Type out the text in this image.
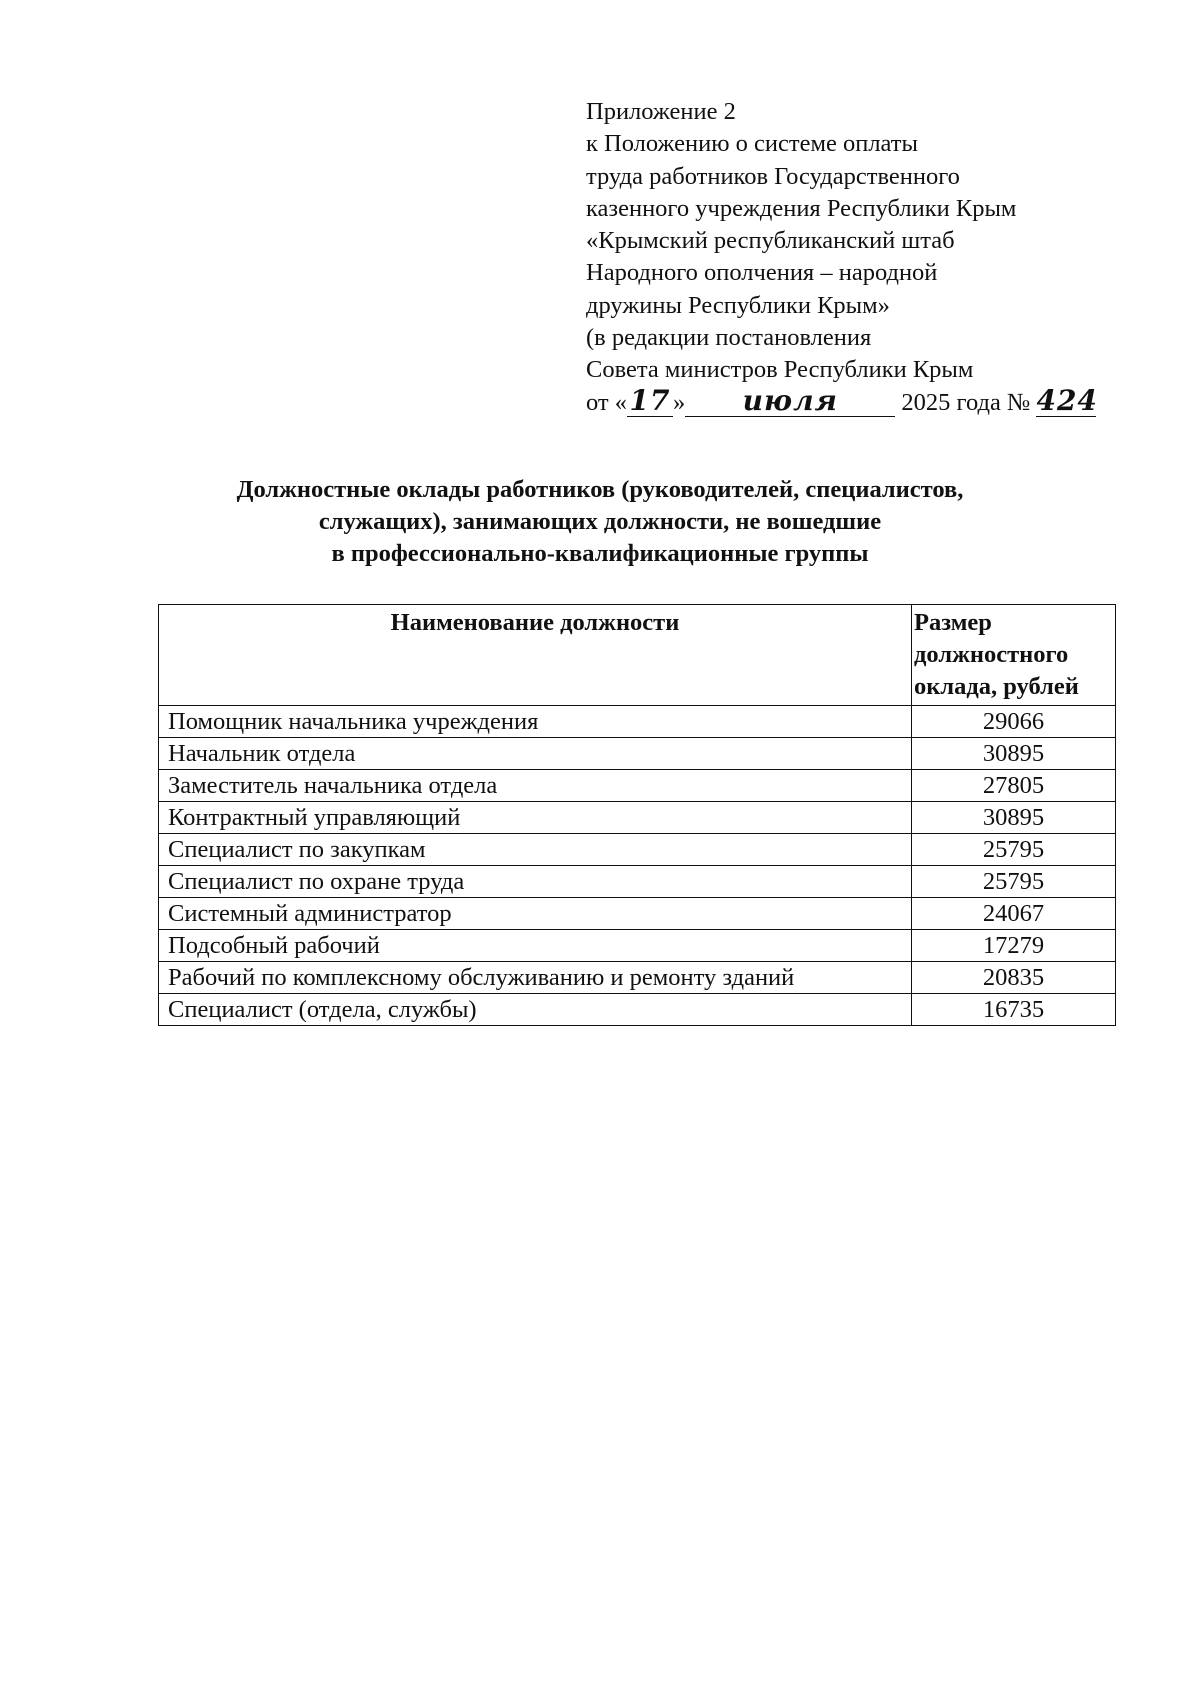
Приложение 2
к Положению о системе оплаты
труда работников Государственного
казенного учреждения Республики Крым
«Крымский республиканский штаб
Народного ополчения – народной
дружины Республики Крым»
(в редакции постановления
Совета министров Республики Крым
от «17 » июля	2025 года № 424
Должностные оклады работников (руководителей, специалистов,
служащих), занимающих должности, не вошедшие
в профессионально-квалификационные группы
Наименование должности	Размер должностного оклада, рублей
Помощник начальника учреждения	29066
Начальник отдела	30895
Заместитель начальника отдела	27805
Контрактный управляющий	30895
Специалист по закупкам	25795
Специалист по охране труда	25795
Системный администратор	24067
Подсобный рабочий	17279
Рабочий по комплексному обслуживанию и ремонту зданий	20835
Специалист (отдела, службы)	16735
